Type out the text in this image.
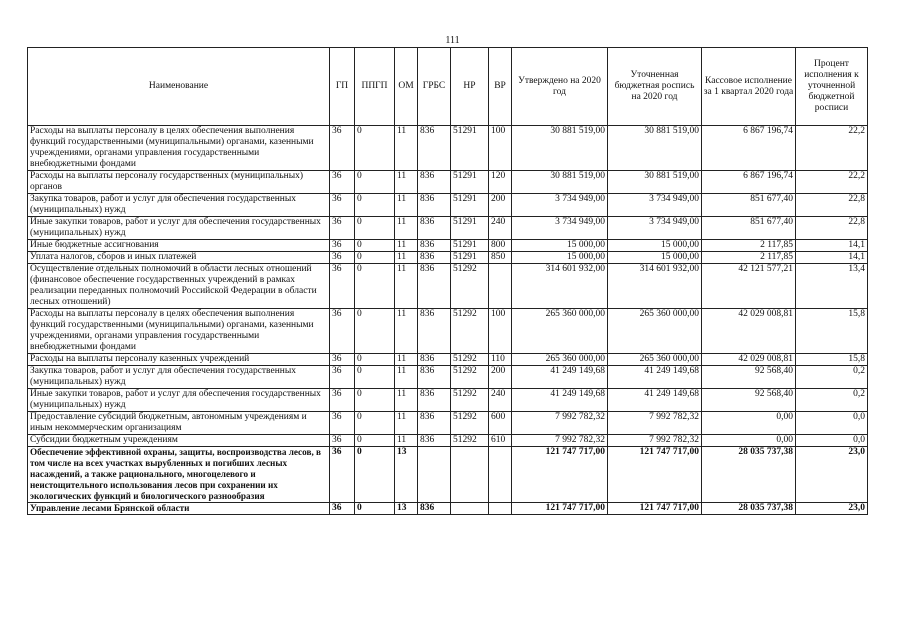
111
Наименование	ГП	ППГП	ОМ	ГРБС	НР	ВР	Утверждено на 2020 год	Уточненная бюджетная роспись на 2020 год	Кассовое исполнение за 1 квартал 2020 года	Процент исполнения к уточненной бюджетной росписи
Расходы на выплаты персоналу в целях обеспечения выполнения функций государственными (муниципальными) органами, казенными учреждениями, органами управления государственными внебюджетными фондами	36	0	11	836	51291	100	30 881 519,00	30 881 519,00	6 867 196,74	22,2
Расходы на выплаты персоналу государственных (муниципальных) органов	36	0	11	836	51291	120	30 881 519,00	30 881 519,00	6 867 196,74	22,2
Закупка товаров, работ и услуг для обеспечения государственных (муниципальных) нужд	36	0	11	836	51291	200	3 734 949,00	3 734 949,00	851 677,40	22,8
Иные закупки товаров, работ и услуг для обеспечения государственных (муниципальных) нужд	36	0	11	836	51291	240	3 734 949,00	3 734 949,00	851 677,40	22,8
Иные бюджетные ассигнования	36	0	11	836	51291	800	15 000,00	15 000,00	2 117,85	14,1
Уплата налогов, сборов и иных платежей	36	0	11	836	51291	850	15 000,00	15 000,00	2 117,85	14,1
Осуществление отдельных полномочий в области лесных отношений (финансовое обеспечение государственных учреждений в рамках реализации переданных полномочий Российской Федерации в области лесных отношений)	36	0	11	836	51292		314 601 932,00	314 601 932,00	42 121 577,21	13,4
Расходы на выплаты персоналу в целях обеспечения выполнения функций государственными (муниципальными) органами, казенными учреждениями, органами управления государственными внебюджетными фондами	36	0	11	836	51292	100	265 360 000,00	265 360 000,00	42 029 008,81	15,8
Расходы на выплаты персоналу казенных учреждений	36	0	11	836	51292	110	265 360 000,00	265 360 000,00	42 029 008,81	15,8
Закупка товаров, работ и услуг для обеспечения государственных (муниципальных) нужд	36	0	11	836	51292	200	41 249 149,68	41 249 149,68	92 568,40	0,2
Иные закупки товаров, работ и услуг для обеспечения государственных (муниципальных) нужд	36	0	11	836	51292	240	41 249 149,68	41 249 149,68	92 568,40	0,2
Предоставление субсидий бюджетным, автономным учреждениям и иным некоммерческим организациям	36	0	11	836	51292	600	7 992 782,32	7 992 782,32	0,00	0,0
Субсидии бюджетным учреждениям	36	0	11	836	51292	610	7 992 782,32	7 992 782,32	0,00	0,0
Обеспечение эффективной охраны, защиты, воспроизводства лесов, в том числе на всех участках вырубленных и погибших лесных насаждений, а также рационального, многоцелевого и неистощительного использования лесов при сохранении их экологических функций и биологического разнообразия	36	0	13				121 747 717,00	121 747 717,00	28 035 737,38	23,0
Управление лесами Брянской области	36	0	13	836			121 747 717,00	121 747 717,00	28 035 737,38	23,0
